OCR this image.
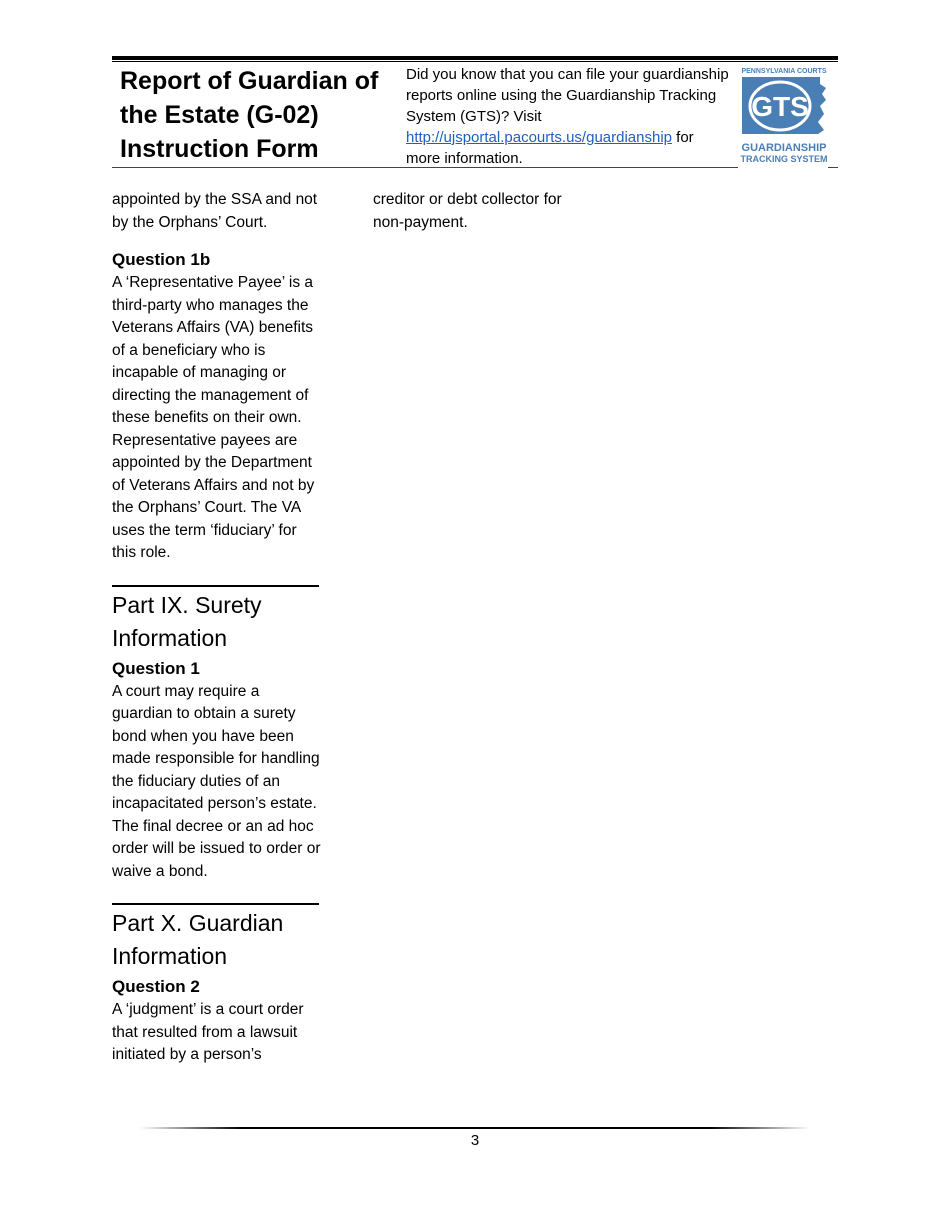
Report of Guardian of the Estate (G-02) Instruction Form

Did you know that you can file your guardianship reports online using the Guardianship Tracking System (GTS)? Visit http://ujsportal.pacourts.us/guardianship for more information.

PENNSYLVANIA COURTS
GTS
GUARDIANSHIP
TRACKING SYSTEM

appointed by the SSA and not by the Orphans’ Court.

Question 1b

A ‘Representative Payee’ is a third-party who manages the Veterans Affairs (VA) benefits of a beneficiary who is incapable of managing or directing the management of these benefits on their own. Representative payees are appointed by the Department of Veterans Affairs and not by the Orphans’ Court. The VA uses the term ‘fiduciary’ for this role.

Part IX. Surety Information
Question 1

A court may require a guardian to obtain a surety bond when you have been made responsible for handling the fiduciary duties of an incapacitated person’s estate. The final decree or an ad hoc order will be issued to order or waive a bond.

Part X. Guardian Information
Question 2

A ‘judgment’ is a court order that resulted from a lawsuit initiated by a person’s

creditor or debt collector for non-payment.

3
